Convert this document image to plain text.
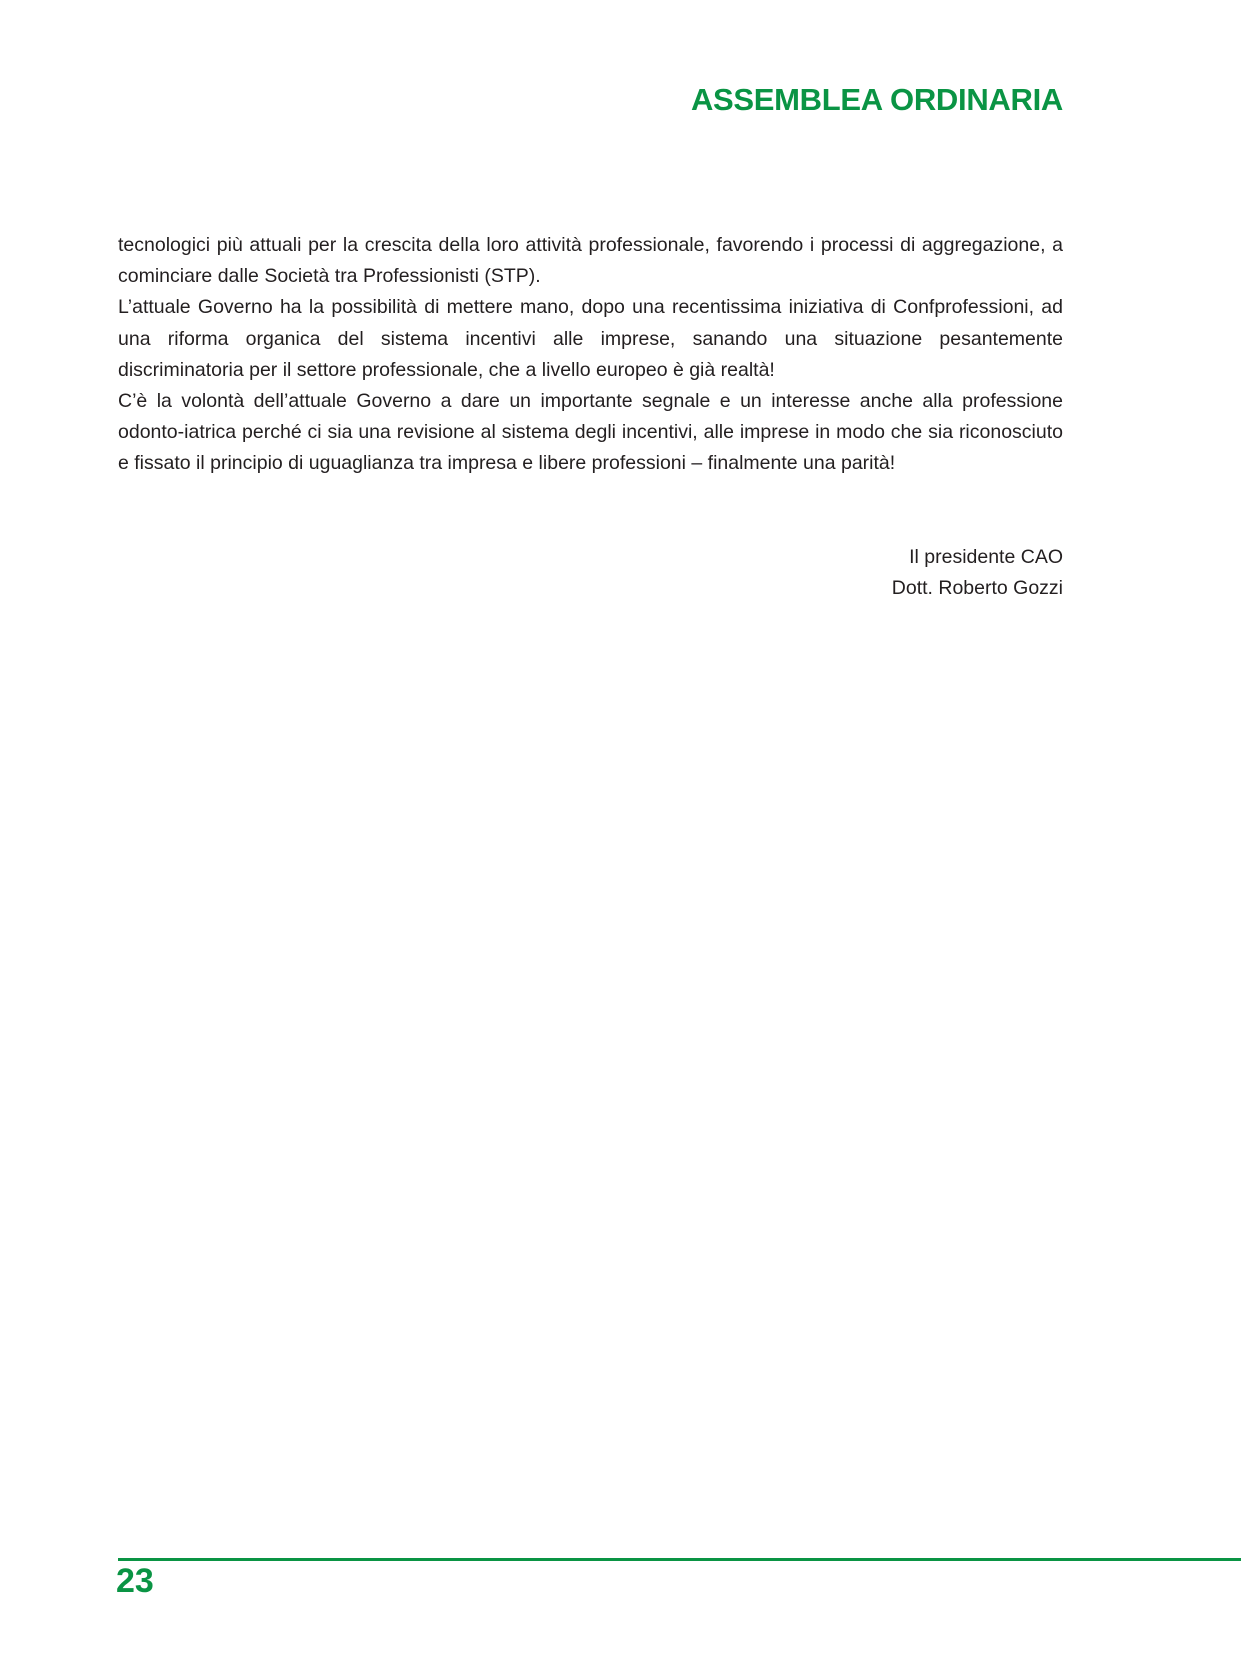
ASSEMBLEA ORDINARIA

tecnologici più attuali per la crescita della loro attività professionale, favorendo i processi di aggregazione, a cominciare dalle Società tra Professionisti (STP).

L’attuale Governo ha la possibilità di mettere mano, dopo una recentissima iniziativa di Confprofessioni, ad una riforma organica del sistema incentivi alle imprese, sanando una situazione pesantemente discriminatoria per il settore professionale, che a livello europeo è già realtà!

C’è la volontà dell’attuale Governo a dare un importante segnale e un interesse anche alla professione odonto-iatrica perché ci sia una revisione al sistema degli incentivi, alle imprese in modo che sia riconosciuto e fissato il principio di uguaglianza tra impresa e libere professioni – finalmente una parità!

Il presidente CAO
Dott. Roberto Gozzi
23
